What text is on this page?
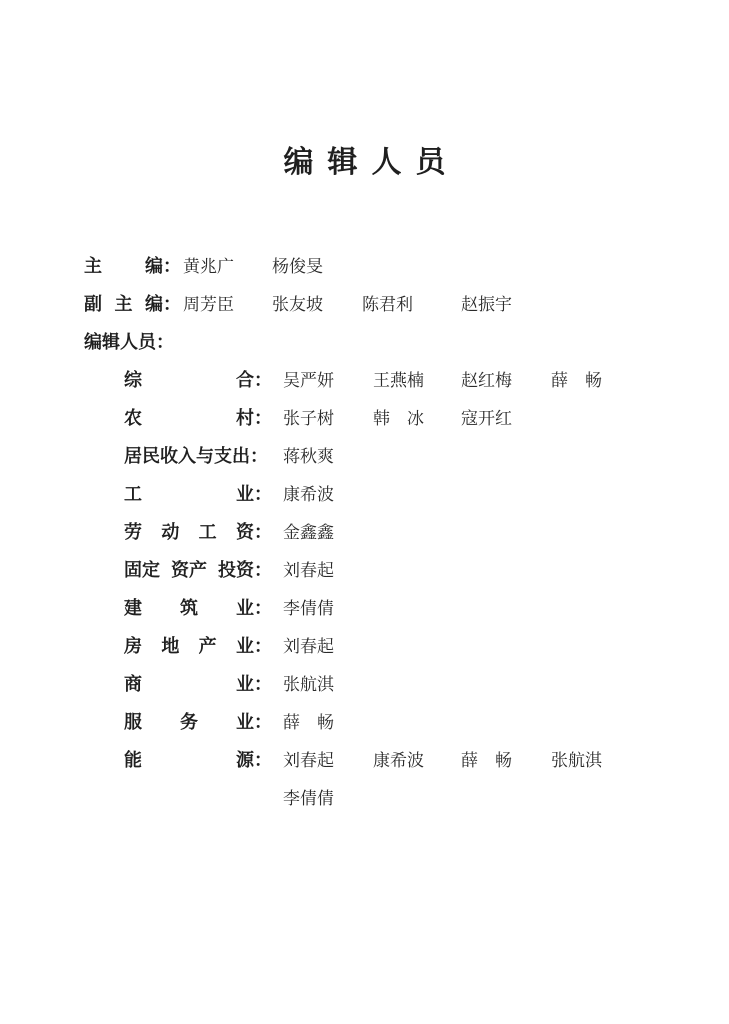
编 辑 人 员
主 编： 黄兆广 杨俊旻
副 主 编： 周芳臣 张友坡 陈君利	赵振宇
编辑人员：
综	合： 吴严妍 王燕楠 赵红梅 薛　畅
农	村： 张子树 韩　冰 寇开红
居民收入与支出： 蒋秋爽
工	业： 康希波
劳 动 工 资： 金鑫鑫
固定 资产 投资： 刘春起
建 筑 业： 李倩倩
房 地 产 业： 刘春起
商	业： 张航淇
服 务 业： 薛　畅
能	源： 刘春起 康希波 薛　畅 张航淇
李倩倩
